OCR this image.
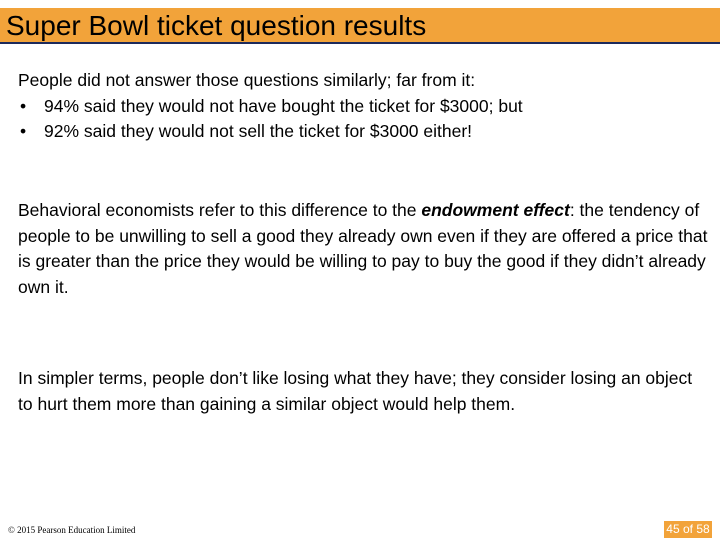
Super Bowl ticket question results

People did not answer those questions similarly; far from it:

• 94% said they would not have bought the ticket for $3000; but
• 92% said they would not sell the ticket for $3000 either!

Behavioral economists refer to this difference to the endowment effect: the tendency of people to be unwilling to sell a good they already own even if they are offered a price that is greater than the price they would be willing to pay to buy the good if they didn’t already own it.

In simpler terms, people don’t like losing what they have; they consider losing an object to hurt them more than gaining a similar object would help them.

© 2015 Pearson Education Limited	45 of 58
